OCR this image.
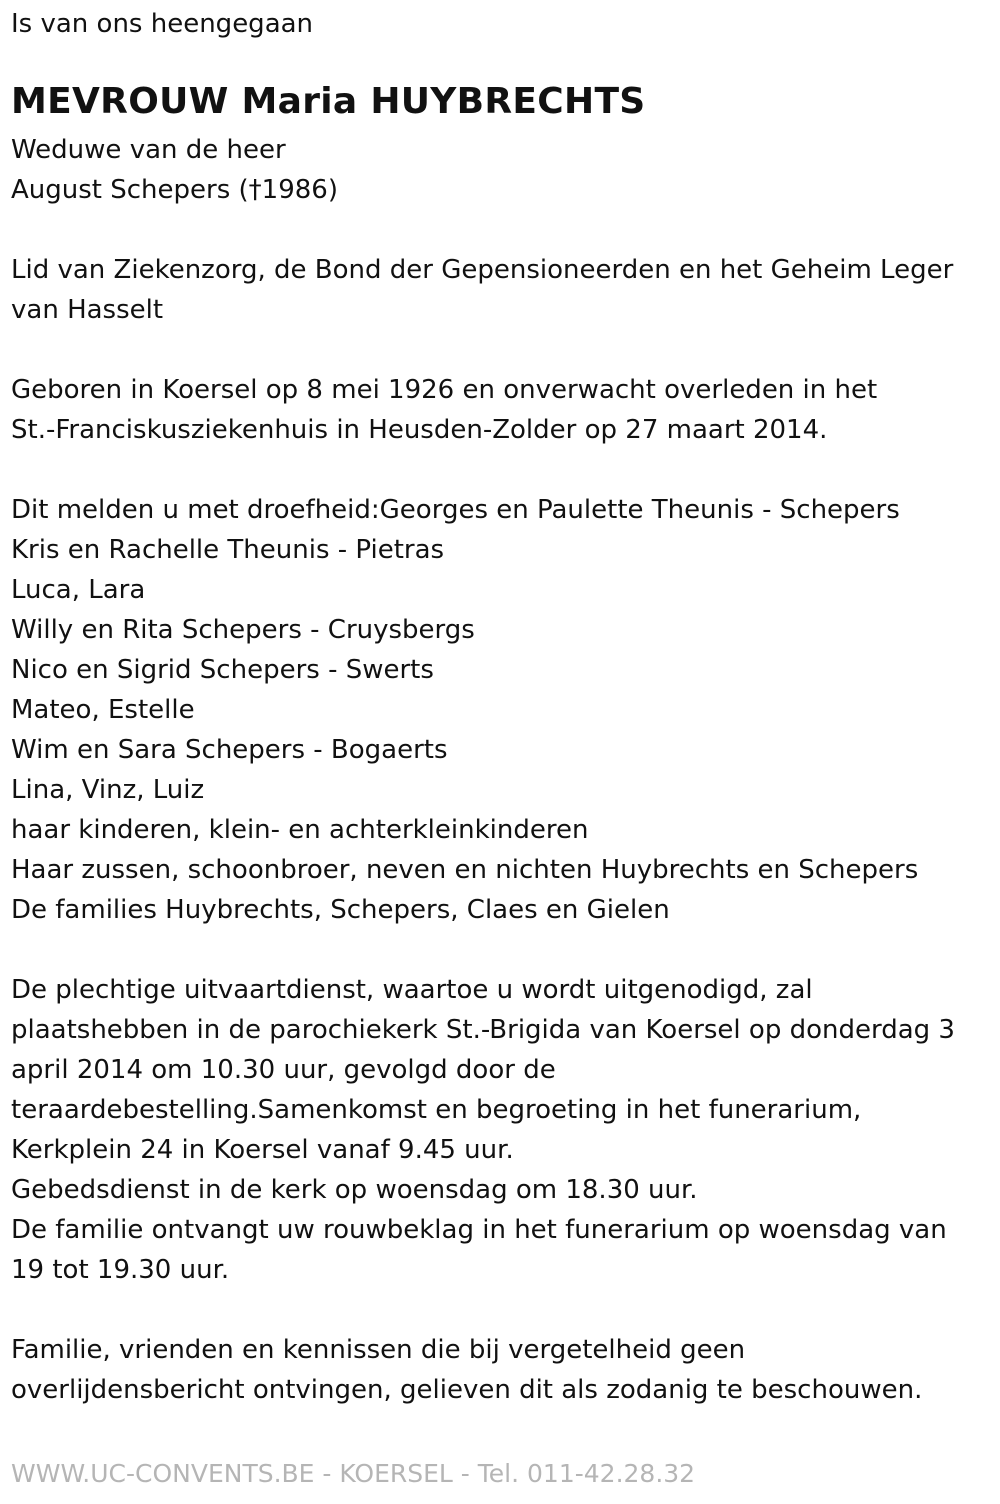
Is van ons heengegaan
MEVROUW Maria HUYBRECHTS
Weduwe van de heer
August Schepers (†1986)
Lid van Ziekenzorg, de Bond der Gepensioneerden en het Geheim Leger
van Hasselt
Geboren in Koersel op 8 mei 1926 en onverwacht overleden in het
St.-Franciskusziekenhuis in Heusden-Zolder op 27 maart 2014.
Dit melden u met droefheid:Georges en Paulette Theunis - Schepers
Kris en Rachelle Theunis - Pietras
Luca, Lara
Willy en Rita Schepers - Cruysbergs
Nico en Sigrid Schepers - Swerts
Mateo, Estelle
Wim en Sara Schepers - Bogaerts
Lina, Vinz, Luiz
haar kinderen, klein- en achterkleinkinderen
Haar zussen, schoonbroer, neven en nichten Huybrechts en Schepers
De families Huybrechts, Schepers, Claes en Gielen
De plechtige uitvaartdienst, waartoe u wordt uitgenodigd, zal
plaatshebben in de parochiekerk St.-Brigida van Koersel op donderdag 3
april 2014 om 10.30 uur, gevolgd door de
teraardebestelling.Samenkomst en begroeting in het funerarium,
Kerkplein 24 in Koersel vanaf 9.45 uur.
Gebedsdienst in de kerk op woensdag om 18.30 uur.
De familie ontvangt uw rouwbeklag in het funerarium op woensdag van
19 tot 19.30 uur.
Familie, vrienden en kennissen die bij vergetelheid geen
overlijdensbericht ontvingen, gelieven dit als zodanig te beschouwen.
WWW.UC-CONVENTS.BE - KOERSEL - Tel. 011-42.28.32
